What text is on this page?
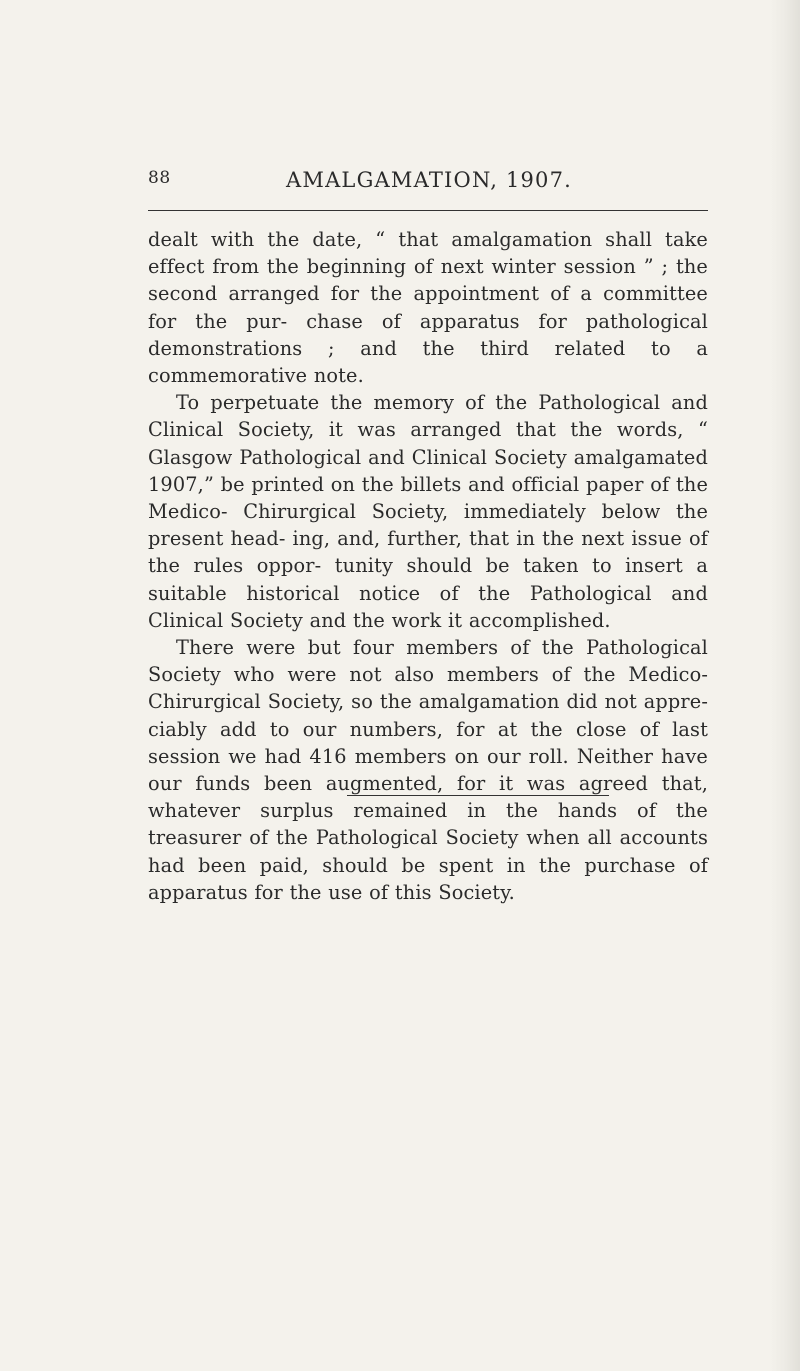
88	AMALGAMATION, 1907.

dealt with the date, “ that amalgamation shall take effect from the beginning of next winter session ” ; the second arranged for the appointment of a committee for the pur- chase of apparatus for pathological demonstrations ; and the third related to a commemorative note.

To perpetuate the memory of the Pathological and Clinical Society, it was arranged that the words, “ Glasgow Pathological and Clinical Society amalgamated 1907,” be printed on the billets and official paper of the Medico- Chirurgical Society, immediately below the present head- ing, and, further, that in the next issue of the rules oppor- tunity should be taken to insert a suitable historical notice of the Pathological and Clinical Society and the work it accomplished.

There were but four members of the Pathological Society who were not also members of the Medico- Chirurgical Society, so the amalgamation did not appre- ciably add to our numbers, for at the close of last session we had 416 members on our roll. Neither have our funds been augmented, for it was agreed that, whatever surplus remained in the hands of the treasurer of the Pathological Society when all accounts had been paid, should be spent in the purchase of apparatus for the use of this Society.
